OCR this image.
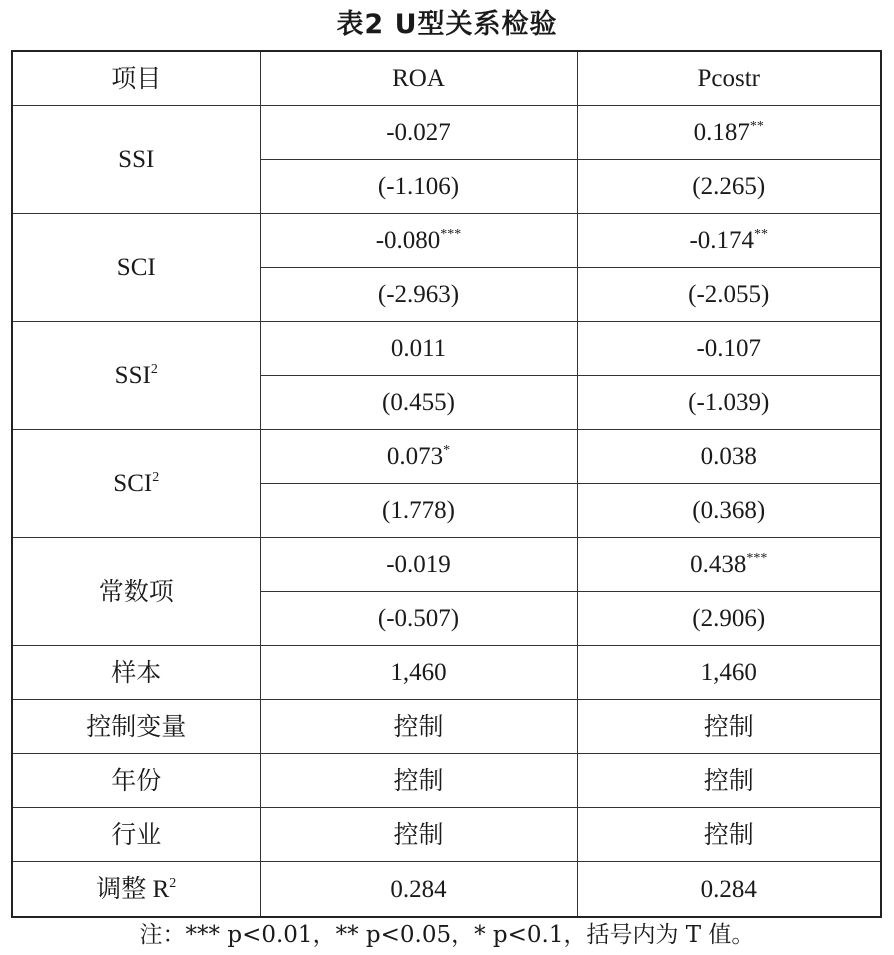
表2 U型关系检验
项目	ROA	Pcostr
SSI	-0.027	0.187**
	(-1.106)	(2.265)
SCI	-0.080***	-0.174**
	(-2.963)	(-2.055)
SSI$^2$	0.011	-0.107
	(0.455)	(-1.039)
SCI$^2$	0.073*	0.038
	(1.778)	(0.368)
常数项	-0.019	0.438***
	(-0.507)	(2.906)
样本	1,460	1,460
控制变量	控制	控制
年份	控制	控制
行业	控制	控制
调整 $R^2$	0.284	0.284
注：*** p<0.01，** p<0.05，* p<0.1，括号内为 T 值。
